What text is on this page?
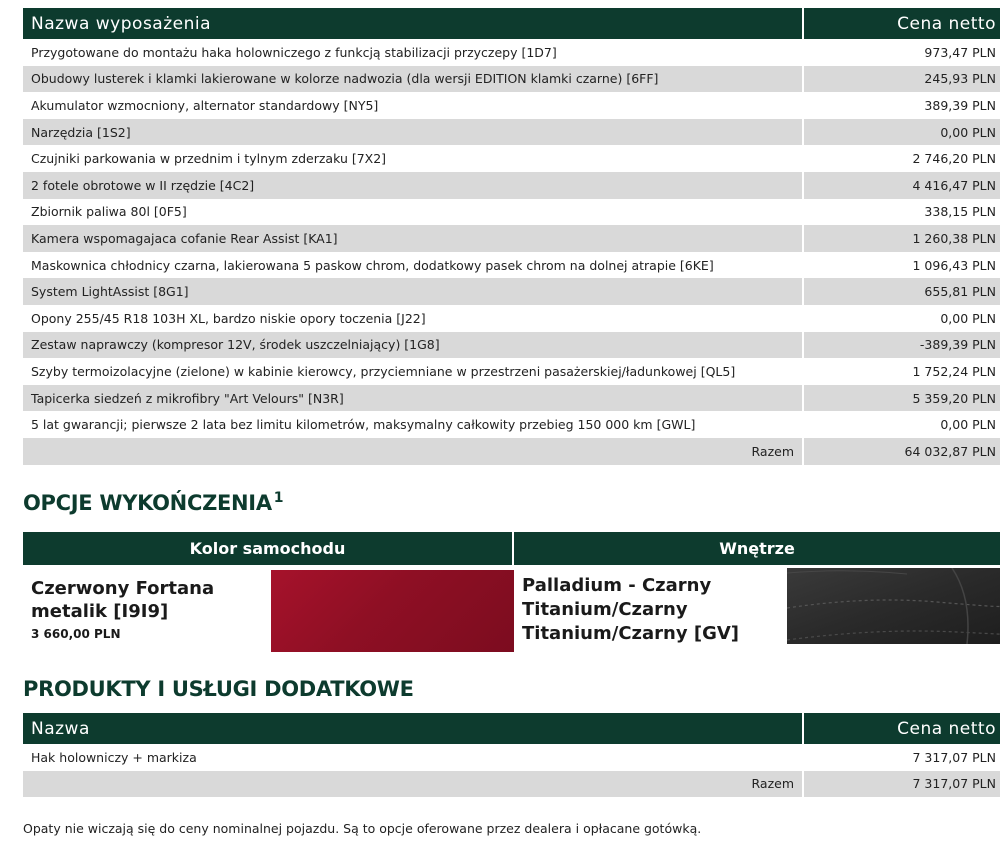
Nazwa wyposażenia	Cena netto
Przygotowane do montażu haka holowniczego z funkcją stabilizacji przyczepy [1D7]	973,47 PLN
Obudowy lusterek i klamki lakierowane w kolorze nadwozia (dla wersji EDITION klamki czarne) [6FF]	245,93 PLN
Akumulator wzmocniony, alternator standardowy [NY5]	389,39 PLN
Narzędzia [1S2]	0,00 PLN
Czujniki parkowania w przednim i tylnym zderzaku [7X2]	2 746,20 PLN
2 fotele obrotowe w II rzędzie [4C2]	4 416,47 PLN
Zbiornik paliwa 80l [0F5]	338,15 PLN
Kamera wspomagajaca cofanie Rear Assist [KA1]	1 260,38 PLN
Maskownica chłodnicy czarna, lakierowana 5 paskow chrom, dodatkowy pasek chrom na dolnej atrapie [6KE]	1 096,43 PLN
System LightAssist [8G1]	655,81 PLN
Opony 255/45 R18 103H XL, bardzo niskie opory toczenia [J22]	0,00 PLN
Zestaw naprawczy (kompresor 12V, środek uszczelniający) [1G8]	-389,39 PLN
Szyby termoizolacyjne (zielone) w kabinie kierowcy, przyciemniane w przestrzeni pasażerskiej/ładunkowej [QL5]	1 752,24 PLN
Tapicerka siedzeń z mikrofibry "Art Velours" [N3R]	5 359,20 PLN
5 lat gwarancji; pierwsze 2 lata bez limitu kilometrów, maksymalny całkowity przebieg 150 000 km [GWL]	0,00 PLN
Razem	64 032,87 PLN
OPCJE WYKOŃCZENIA $^1$
Kolor samochodu	Wnętrze
Czerwony Fortana metalik [I9I9]
3 660,00 PLN
Palladium - Czarny Titanium/Czarny Titanium/Czarny [GV]
PRODUKTY I USŁUGI DODATKOWE
Nazwa	Cena netto
Hak holowniczy + markiza	7 317,07 PLN
Razem	7 317,07 PLN
Opaty nie wiczają się do ceny nominalnej pojazdu. Są to opcje oferowane przez dealera i opłacane gotówką.
